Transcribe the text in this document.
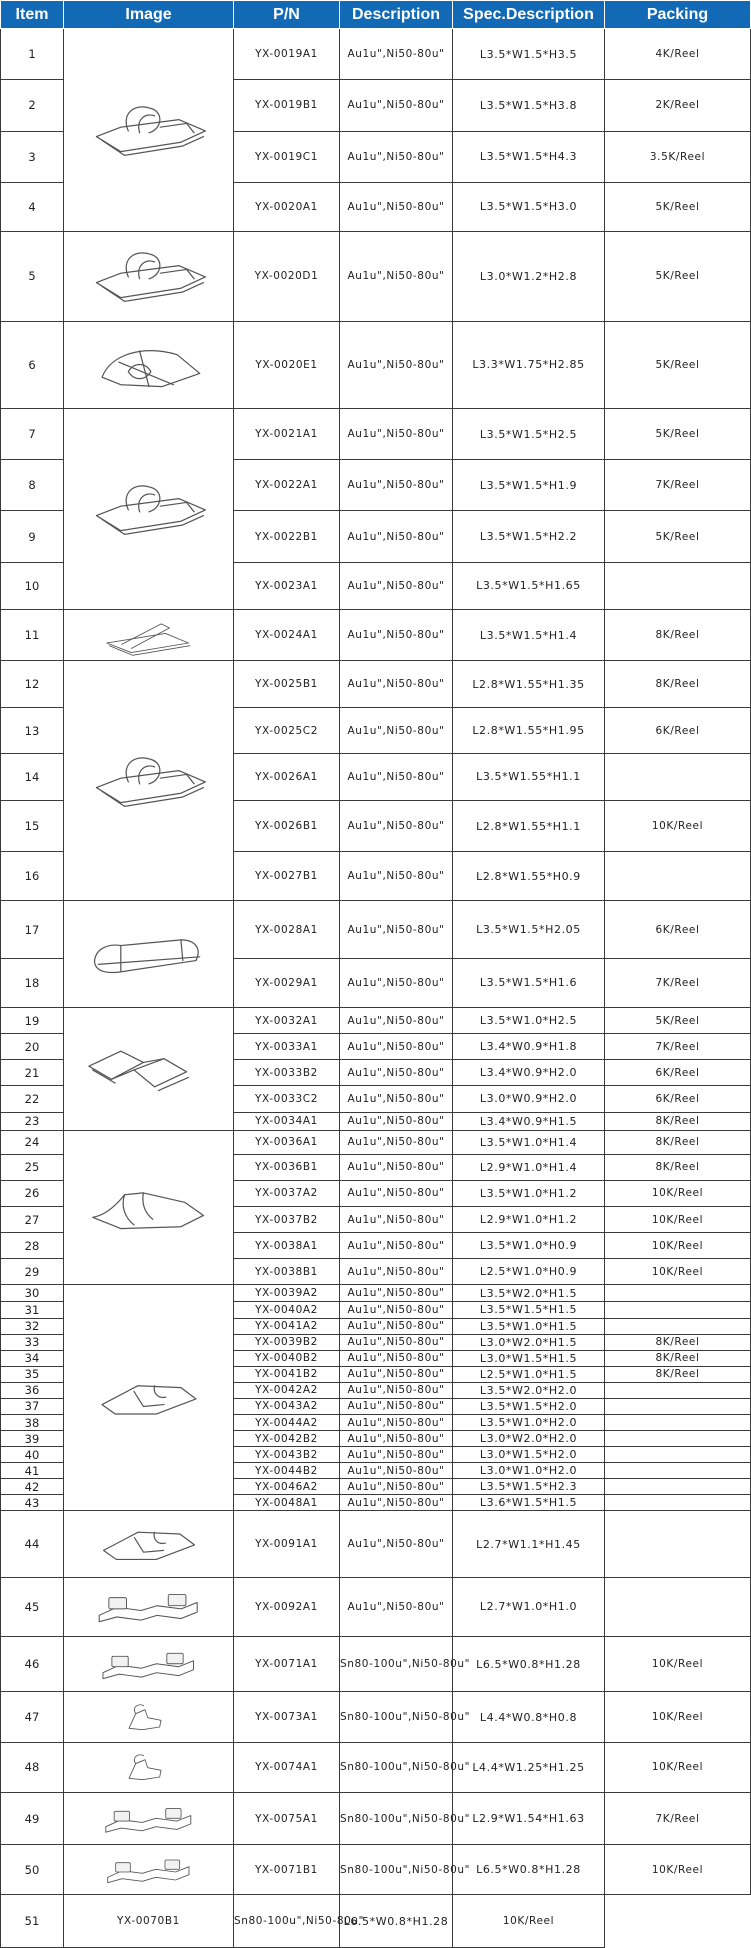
Item	Image	P/N	Description	Spec.Description	Packing
1		YX-0019A1	Au1u",Ni50-80u"	L3.5*W1.5*H3.5	4K/Reel
2		YX-0019B1	Au1u",Ni50-80u"	L3.5*W1.5*H3.8	2K/Reel
3		YX-0019C1	Au1u",Ni50-80u"	L3.5*W1.5*H4.3	3.5K/Reel
4		YX-0020A1	Au1u",Ni50-80u"	L3.5*W1.5*H3.0	5K/Reel
5		YX-0020D1	Au1u",Ni50-80u"	L3.0*W1.2*H2.8	5K/Reel
6		YX-0020E1	Au1u",Ni50-80u"	L3.3*W1.75*H2.85	5K/Reel
7		YX-0021A1	Au1u",Ni50-80u"	L3.5*W1.5*H2.5	5K/Reel
8		YX-0022A1	Au1u",Ni50-80u"	L3.5*W1.5*H1.9	7K/Reel
9		YX-0022B1	Au1u",Ni50-80u"	L3.5*W1.5*H2.2	5K/Reel
10		YX-0023A1	Au1u",Ni50-80u"	L3.5*W1.5*H1.65	
11		YX-0024A1	Au1u",Ni50-80u"	L3.5*W1.5*H1.4	8K/Reel
12		YX-0025B1	Au1u",Ni50-80u"	L2.8*W1.55*H1.35	8K/Reel
13		YX-0025C2	Au1u",Ni50-80u"	L2.8*W1.55*H1.95	6K/Reel
14		YX-0026A1	Au1u",Ni50-80u"	L3.5*W1.55*H1.1	
15		YX-0026B1	Au1u",Ni50-80u"	L2.8*W1.55*H1.1	10K/Reel
16		YX-0027B1	Au1u",Ni50-80u"	L2.8*W1.55*H0.9	
17		YX-0028A1	Au1u",Ni50-80u"	L3.5*W1.5*H2.05	6K/Reel
18		YX-0029A1	Au1u",Ni50-80u"	L3.5*W1.5*H1.6	7K/Reel
19		YX-0032A1	Au1u",Ni50-80u"	L3.5*W1.0*H2.5	5K/Reel
20		YX-0033A1	Au1u",Ni50-80u"	L3.4*W0.9*H1.8	7K/Reel
21		YX-0033B2	Au1u",Ni50-80u"	L3.4*W0.9*H2.0	6K/Reel
22		YX-0033C2	Au1u",Ni50-80u"	L3.0*W0.9*H2.0	6K/Reel
23		YX-0034A1	Au1u",Ni50-80u"	L3.4*W0.9*H1.5	8K/Reel
24		YX-0036A1	Au1u",Ni50-80u"	L3.5*W1.0*H1.4	8K/Reel
25		YX-0036B1	Au1u",Ni50-80u"	L2.9*W1.0*H1.4	8K/Reel
26		YX-0037A2	Au1u",Ni50-80u"	L3.5*W1.0*H1.2	10K/Reel
27		YX-0037B2	Au1u",Ni50-80u"	L2.9*W1.0*H1.2	10K/Reel
28		YX-0038A1	Au1u",Ni50-80u"	L3.5*W1.0*H0.9	10K/Reel
29		YX-0038B1	Au1u",Ni50-80u"	L2.5*W1.0*H0.9	10K/Reel
30		YX-0039A2	Au1u",Ni50-80u"	L3.5*W2.0*H1.5	
31		YX-0040A2	Au1u",Ni50-80u"	L3.5*W1.5*H1.5	
32		YX-0041A2	Au1u",Ni50-80u"	L3.5*W1.0*H1.5	
33		YX-0039B2	Au1u",Ni50-80u"	L3.0*W2.0*H1.5	8K/Reel
34		YX-0040B2	Au1u",Ni50-80u"	L3.0*W1.5*H1.5	8K/Reel
35		YX-0041B2	Au1u",Ni50-80u"	L2.5*W1.0*H1.5	8K/Reel
36		YX-0042A2	Au1u",Ni50-80u"	L3.5*W2.0*H2.0	
37		YX-0043A2	Au1u",Ni50-80u"	L3.5*W1.5*H2.0	
38		YX-0044A2	Au1u",Ni50-80u"	L3.5*W1.0*H2.0	
39		YX-0042B2	Au1u",Ni50-80u"	L3.0*W2.0*H2.0	
40		YX-0043B2	Au1u",Ni50-80u"	L3.0*W1.5*H2.0	
41		YX-0044B2	Au1u",Ni50-80u"	L3.0*W1.0*H2.0	
42		YX-0046A2	Au1u",Ni50-80u"	L3.5*W1.5*H2.3	
43		YX-0048A1	Au1u",Ni50-80u"	L3.6*W1.5*H1.5	
44		YX-0091A1	Au1u",Ni50-80u"	L2.7*W1.1*H1.45	
45		YX-0092A1	Au1u",Ni50-80u"	L2.7*W1.0*H1.0	
46		YX-0071A1	Sn80-100u",Ni50-80u"	L6.5*W0.8*H1.28	10K/Reel
47		YX-0073A1	Sn80-100u",Ni50-80u"	L4.4*W0.8*H0.8	10K/Reel
48		YX-0074A1	Sn80-100u",Ni50-80u"	L4.4*W1.25*H1.25	10K/Reel
49		YX-0075A1	Sn80-100u",Ni50-80u"	L2.9*W1.54*H1.63	7K/Reel
50		YX-0071B1	Sn80-100u",Ni50-80u"	L6.5*W0.8*H1.28	10K/Reel
51	YX-0070B1	Sn80-100u",Ni50-80u"	L6.5*W0.8*H1.28	10K/Reel	
